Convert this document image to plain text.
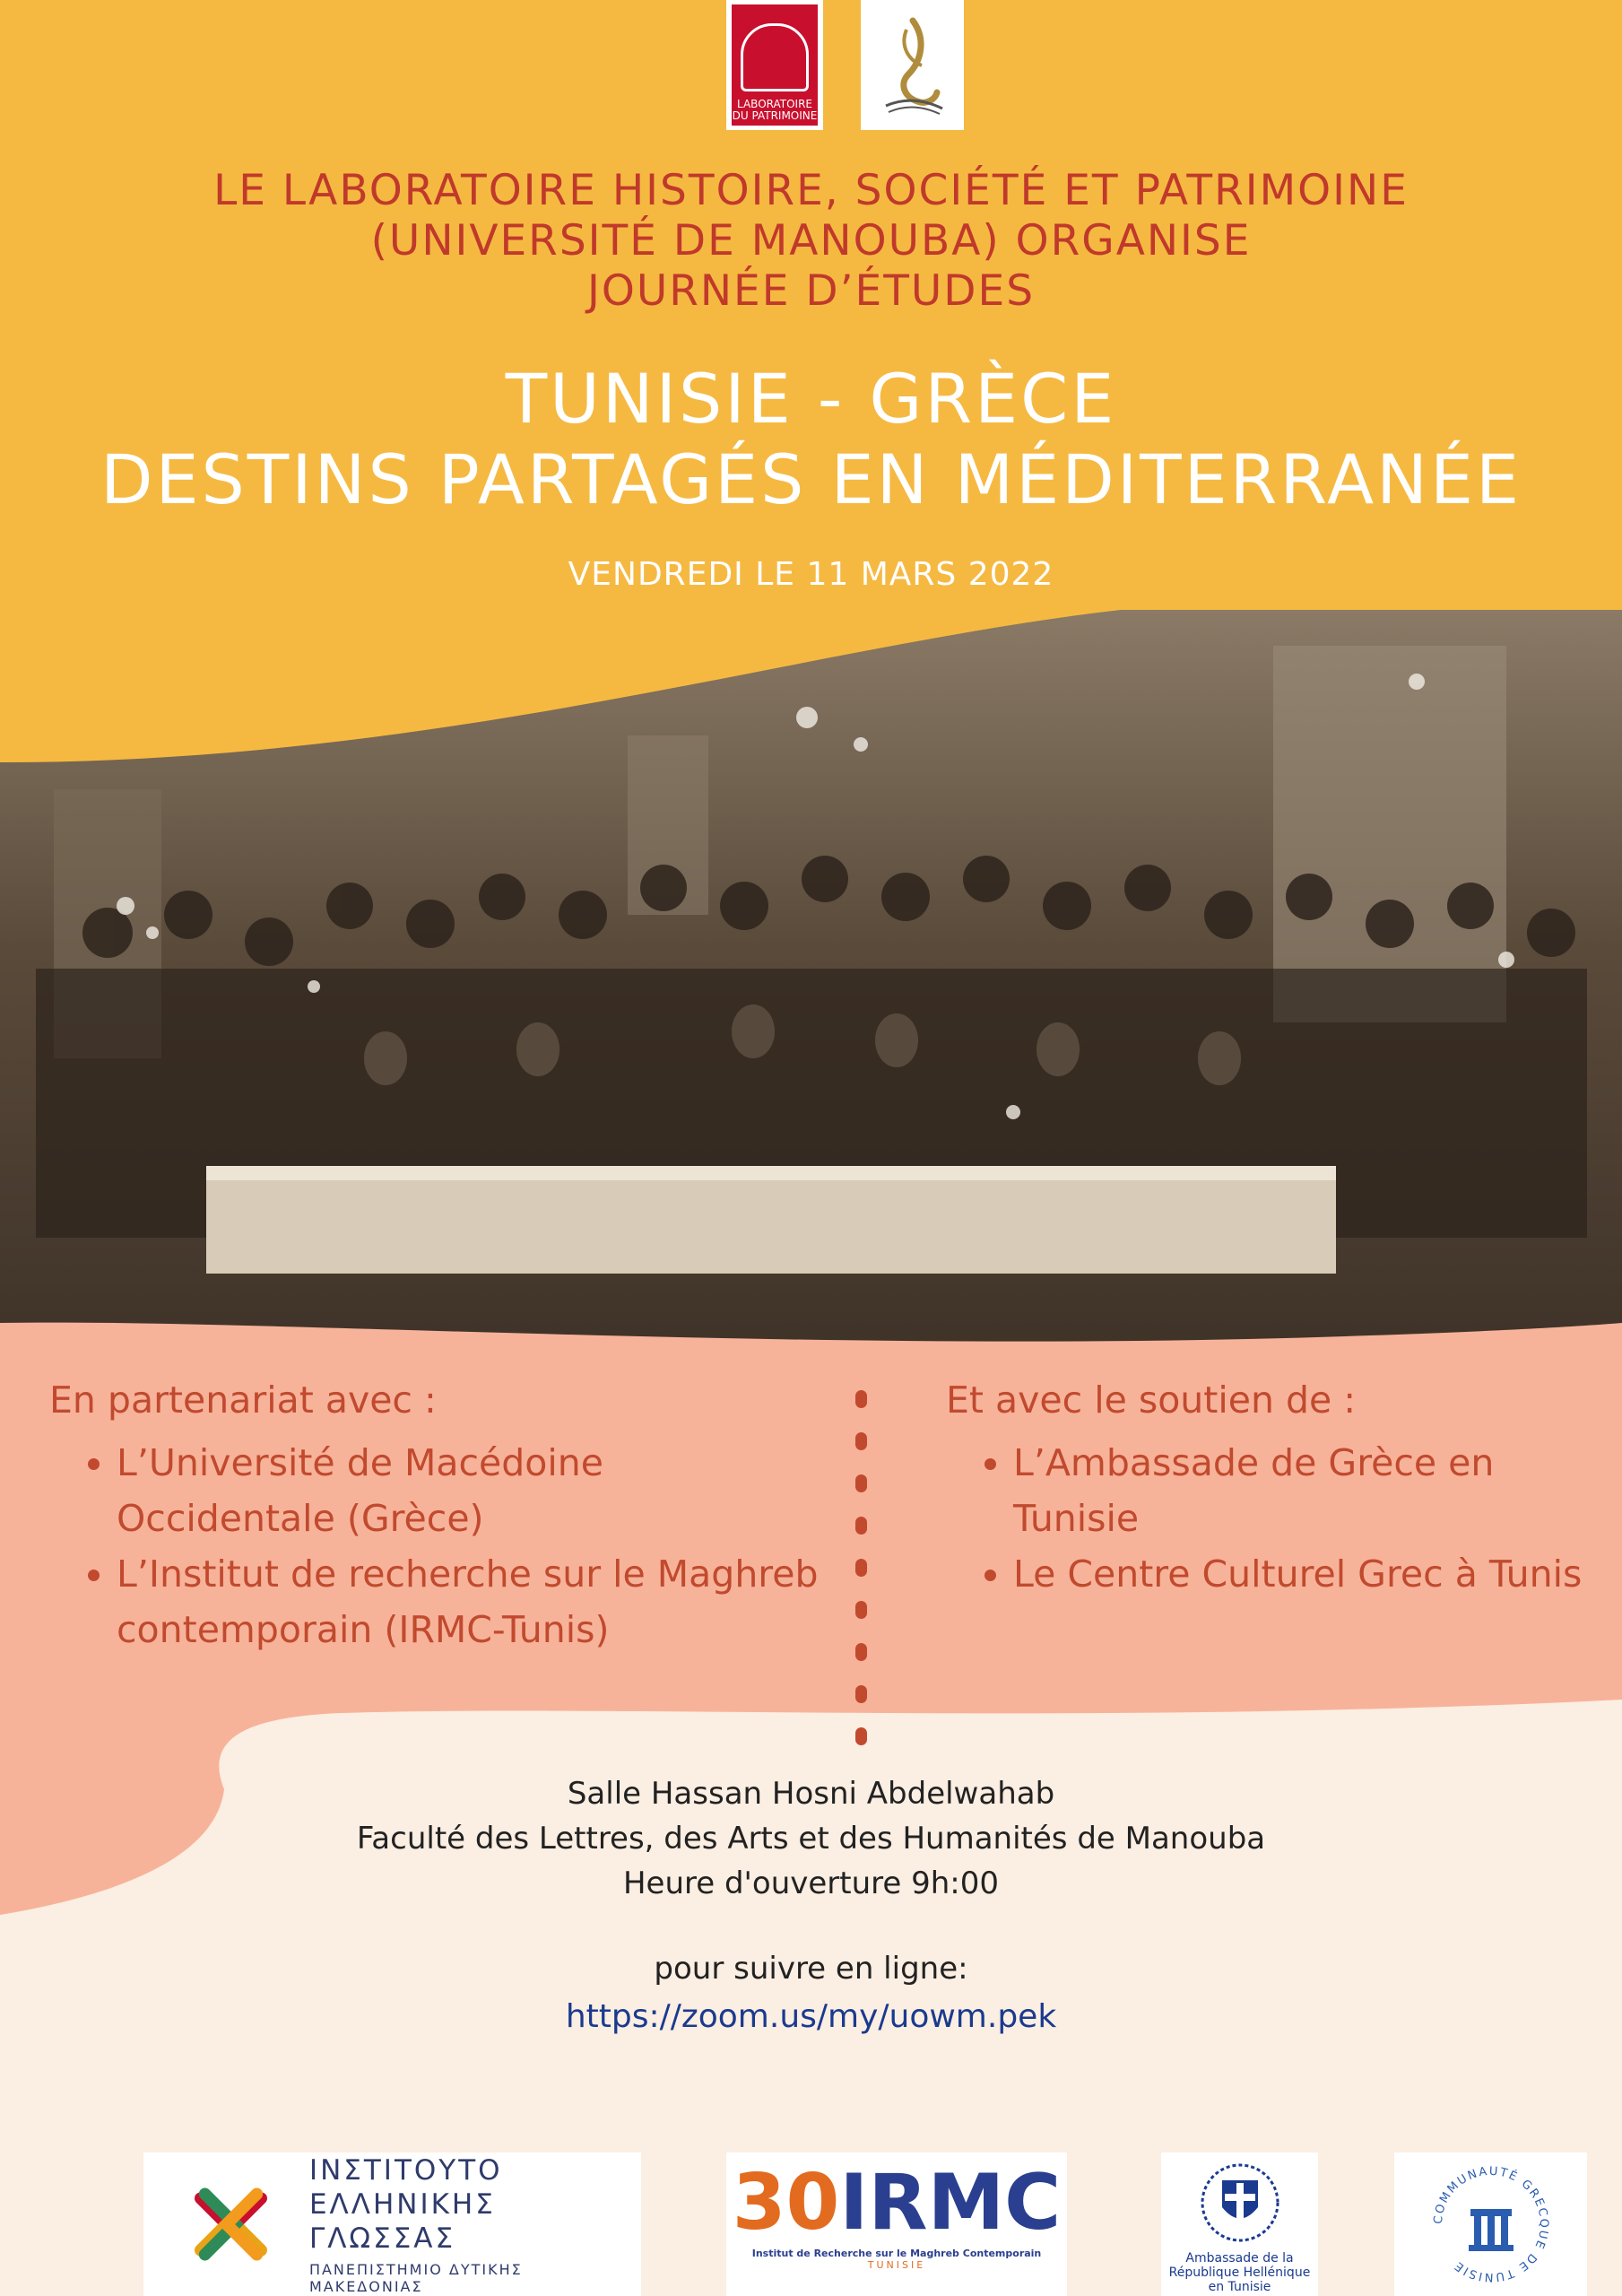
LABORATOIRE DU PATRIMOINE
LE LABORATOIRE HISTOIRE, SOCIÉTÉ ET PATRIMOINE
(UNIVERSITÉ DE MANOUBA) ORGANISE
JOURNÉE D’ÉTUDES
TUNISIE - GRÈCE
DESTINS PARTAGÉS EN MÉDITERRANÉE
VENDREDI LE 11 MARS 2022
En partenariat avec :
• L’Université de Macédoine Occidentale (Grèce)
• L’Institut de recherche sur le Maghreb contemporain (IRMC-Tunis)
Et avec le soutien de :
• L’Ambassade de Grèce en Tunisie
• Le Centre Culturel Grec à Tunis

Salle Hassan Hosni Abdelwahab

Faculté des Lettres, des Arts et des Humanités de Manouba

Heure d'ouverture 9h:00

pour suivre en ligne:
https://zoom.us/my/uowm.pek
ΙΝΣΤΙΤΟΥΤΟ
ΕΛΛΗΝΙΚΗΣ ΓΛΩΣΣΑΣ
ΠΑΝΕΠΙΣΤΗΜΙΟ ΔΥΤΙΚΗΣ ΜΑΚΕΔΟΝΙΑΣ
30IRMC
Institut de Recherche sur le Maghreb Contemporain
TUNISIE	Ambassade de la République Hellénique en Tunisie
COMMUNAUTÉ GRECQUE DE TUNISIE
